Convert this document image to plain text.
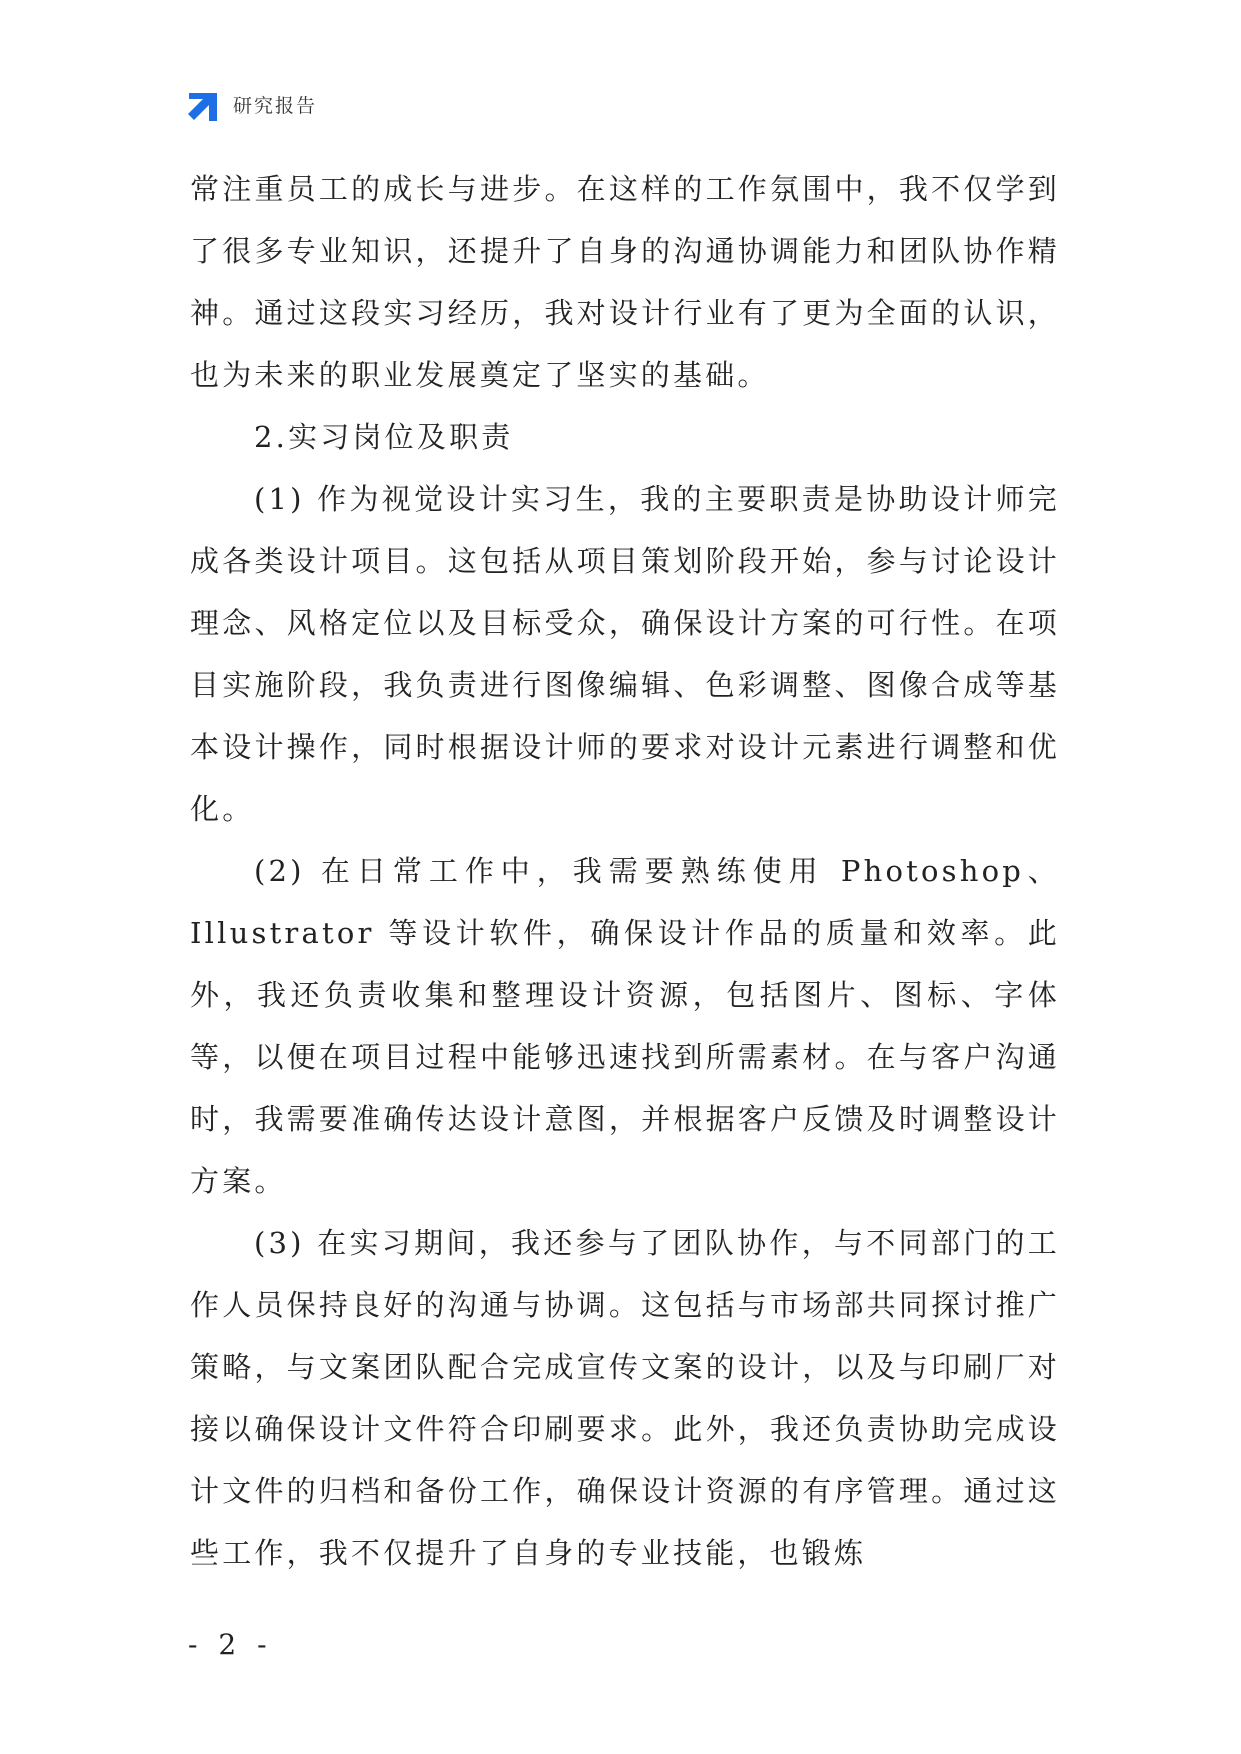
研究报告

常注重员工的成长与进步。在这样的工作氛围中，我不仅学到了很多专业知识，还提升了自身的沟通协调能力和团队协作精神。通过这段实习经历，我对设计行业有了更为全面的认识，也为未来的职业发展奠定了坚实的基础。

2.实习岗位及职责

(1) 作为视觉设计实习生，我的主要职责是协助设计师完成各类设计项目。这包括从项目策划阶段开始，参与讨论设计理念、风格定位以及目标受众，确保设计方案的可行性。在项目实施阶段，我负责进行图像编辑、色彩调整、图像合成等基本设计操作，同时根据设计师的要求对设计元素进行调整和优化。

(2) 在日常工作中，我需要熟练使用 Photoshop、Illustrator 等设计软件，确保设计作品的质量和效率。此外，我还负责收集和整理设计资源，包括图片、图标、字体等，以便在项目过程中能够迅速找到所需素材。在与客户沟通时，我需要准确传达设计意图，并根据客户反馈及时调整设计方案。

(3) 在实习期间，我还参与了团队协作，与不同部门的工作人员保持良好的沟通与协调。这包括与市场部共同探讨推广策略，与文案团队配合完成宣传文案的设计，以及与印刷厂对接以确保设计文件符合印刷要求。此外，我还负责协助完成设计文件的归档和备份工作，确保设计资源的有序管理。通过这些工作，我不仅提升了自身的专业技能，也锻炼

- 2 -
